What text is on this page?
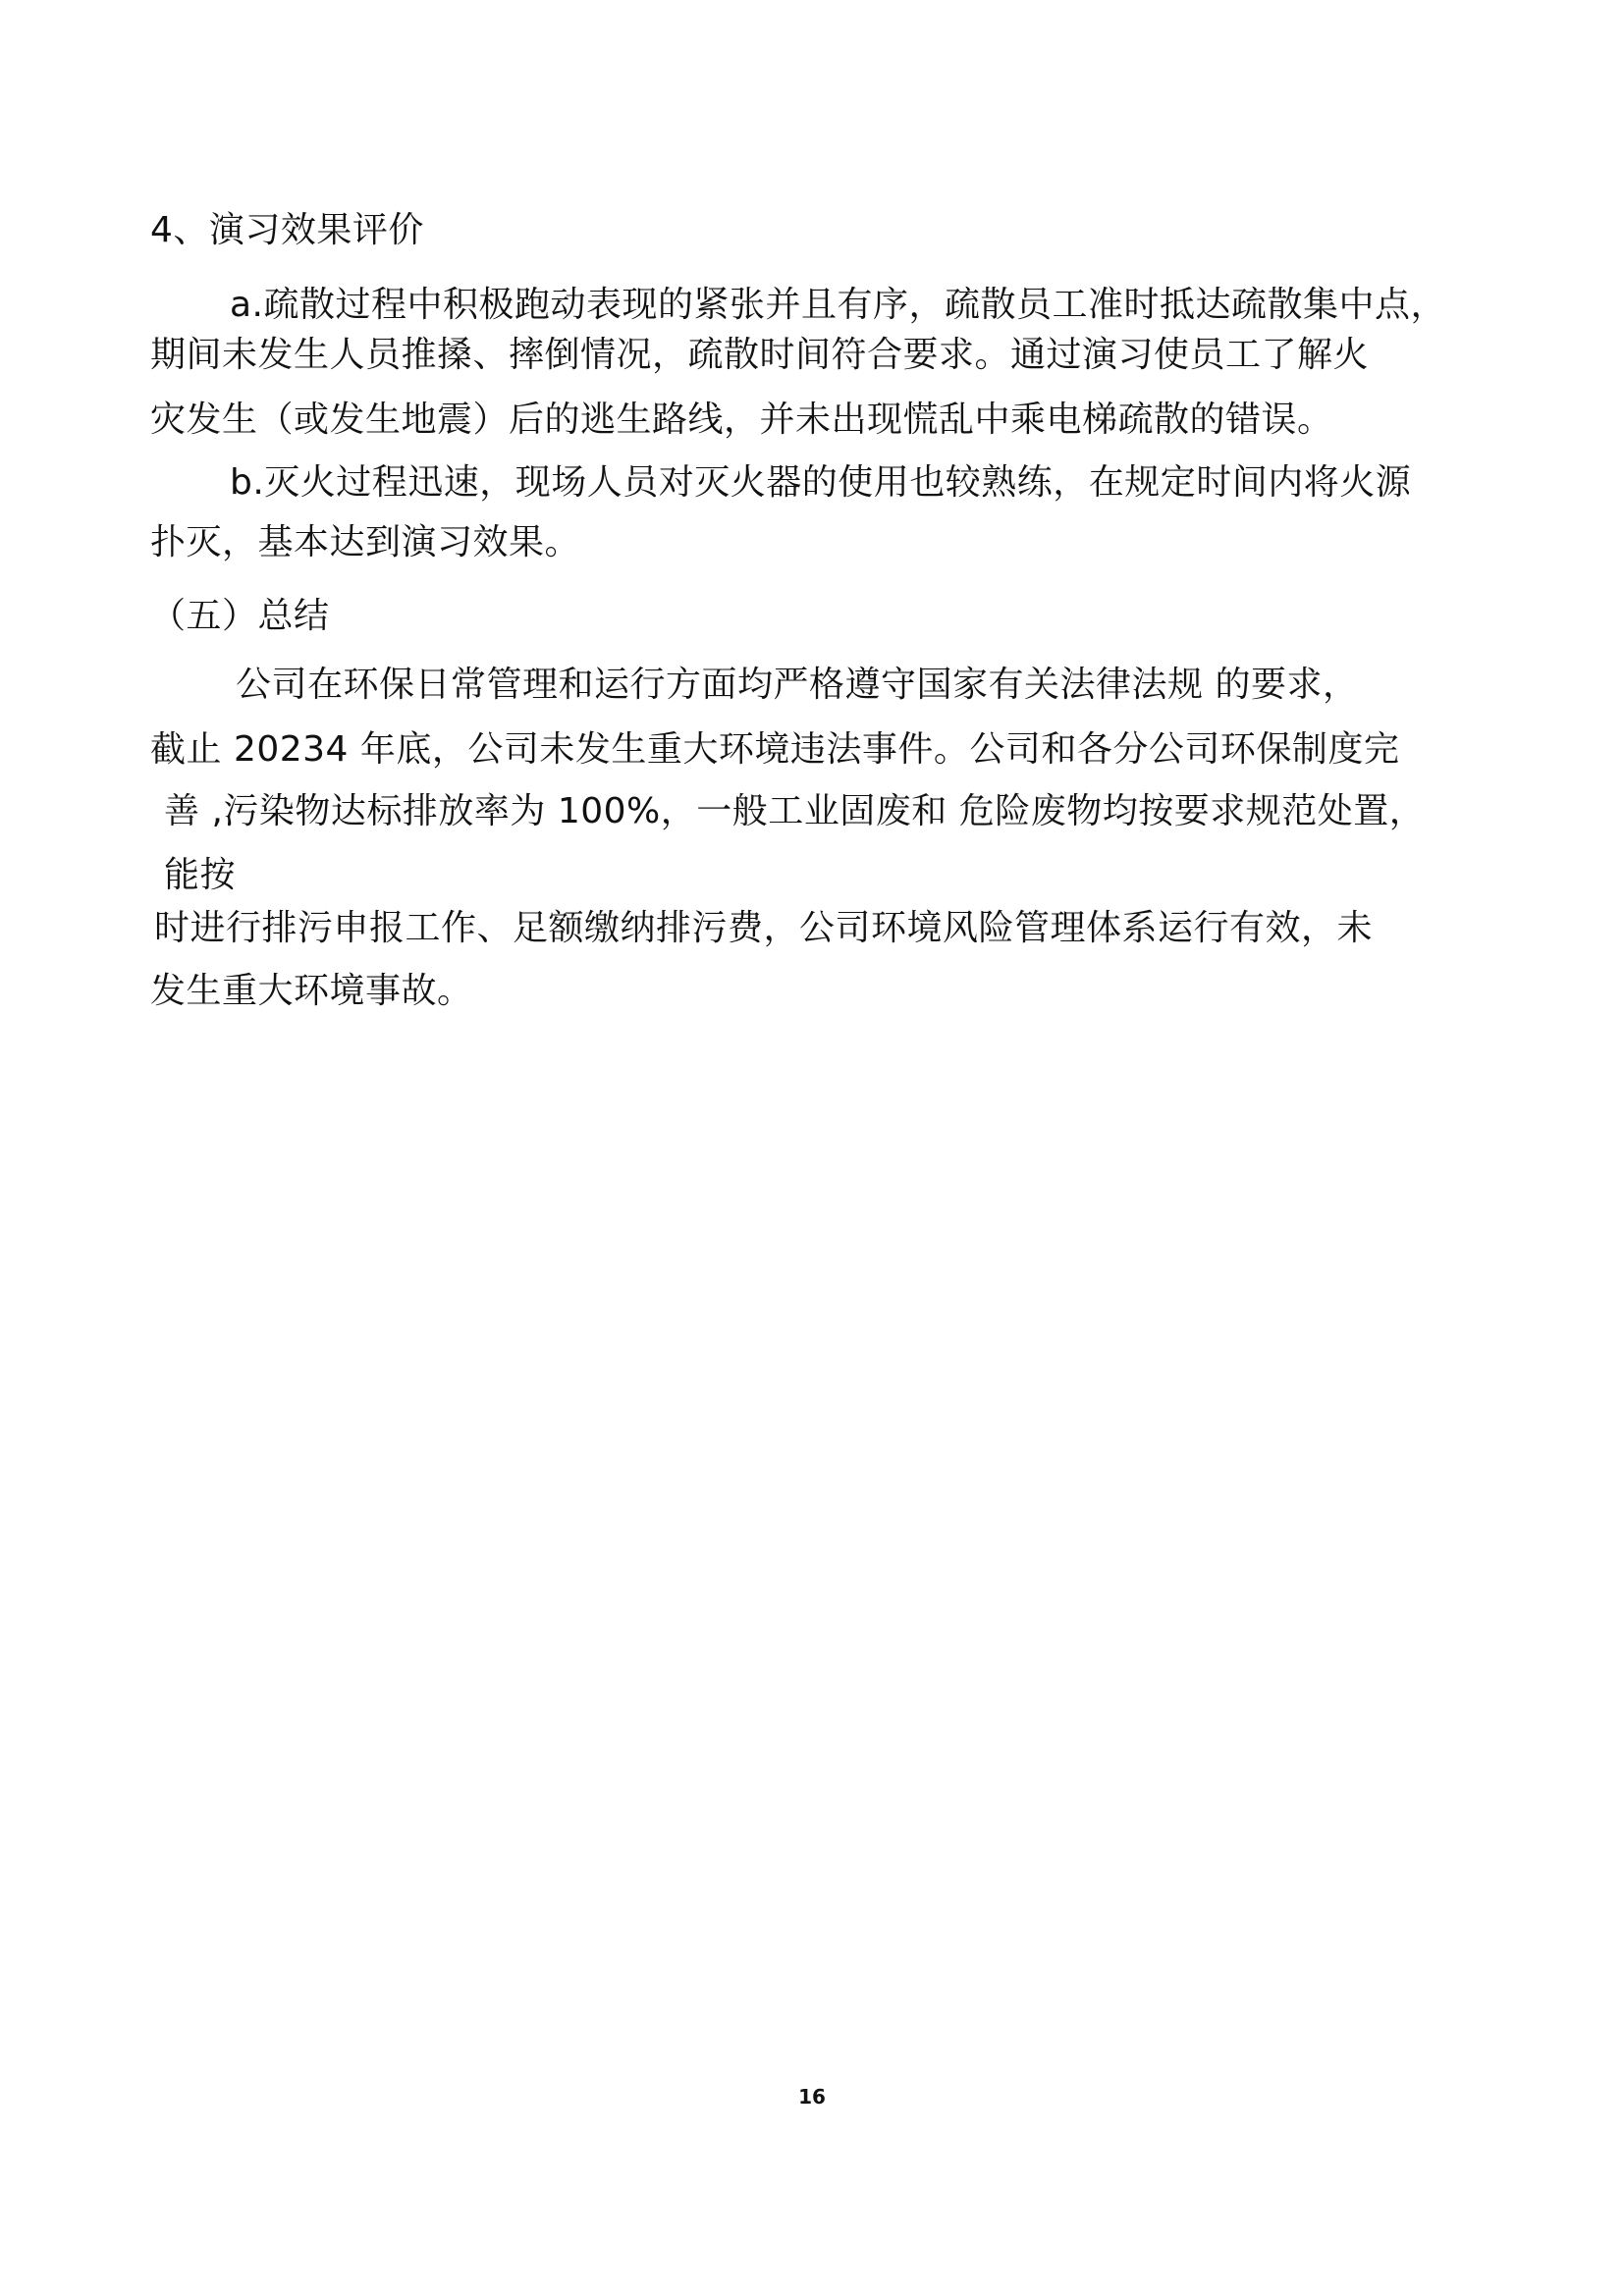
4、演习效果评价
a.疏散过程中积极跑动表现的紧张并且有序，疏散员工准时抵达疏散集中点，
期间未发生人员推搡、摔倒情况，疏散时间符合要求。通过演习使员工了解火
灾发生（或发生地震）后的逃生路线，并未出现慌乱中乘电梯疏散的错误。
b.灭火过程迅速，现场人员对灭火器的使用也较熟练，在规定时间内将火源
扑灭，基本达到演习效果。
（五）总结
公司在环保日常管理和运行方面均严格遵守国家有关法律法规 的要求，
截止 20234 年底，公司未发生重大环境违法事件。公司和各分公司环保制度完
善 ,污染物达标排放率为 100%，一般工业固废和 危险废物均按要求规范处置，
能按
时进行排污申报工作、足额缴纳排污费，公司环境风险管理体系运行有效，未
发生重大环境事故。
16
